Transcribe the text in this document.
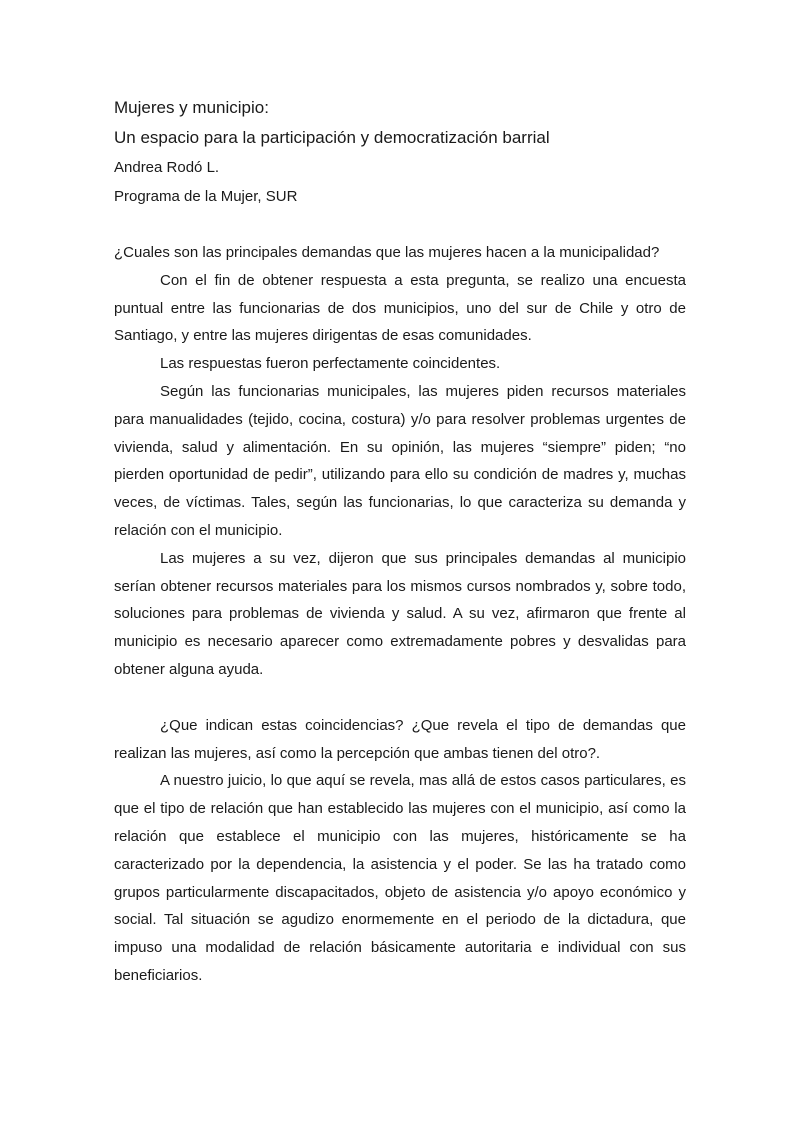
Mujeres y municipio:

Un espacio para la participación y democratización barrial

Andrea Rodó L.

Programa de la Mujer, SUR

¿Cuales son las principales demandas que las mujeres hacen a la municipalidad?

Con el fin de obtener respuesta a esta pregunta, se realizo una encuesta puntual entre las funcionarias de dos municipios, uno del sur de Chile y otro de Santiago, y entre las mujeres dirigentas de esas comunidades.

Las respuestas fueron perfectamente coincidentes.

Según las funcionarias municipales, las mujeres piden recursos materiales para manualidades (tejido, cocina, costura) y/o para resolver problemas urgentes de vivienda, salud y alimentación. En su opinión, las mujeres “siempre” piden; “no pierden oportunidad de pedir”, utilizando para ello su condición de madres y, muchas veces, de víctimas. Tales, según las funcionarias, lo que caracteriza su demanda y relación con el municipio.

Las mujeres a su vez, dijeron que sus principales demandas al municipio serían obtener recursos materiales para los mismos cursos nombrados y, sobre todo, soluciones para problemas de vivienda y salud. A su vez, afirmaron que frente al municipio es necesario aparecer como extremadamente pobres y desvalidas para obtener alguna ayuda.

¿Que indican estas coincidencias? ¿Que revela el tipo de demandas que realizan las mujeres, así como la percepción que ambas tienen del otro?.

A nuestro juicio, lo que aquí se revela, mas allá de estos casos particulares, es que el tipo de relación que han establecido las mujeres con el municipio, así como la relación que establece el municipio con las mujeres, históricamente se ha caracterizado por la dependencia, la asistencia y el poder. Se las ha tratado como grupos particularmente discapacitados, objeto de asistencia y/o apoyo económico y social. Tal situación se agudizo enormemente en el periodo de la dictadura, que impuso una modalidad de relación básicamente autoritaria e individual con sus beneficiarios.
